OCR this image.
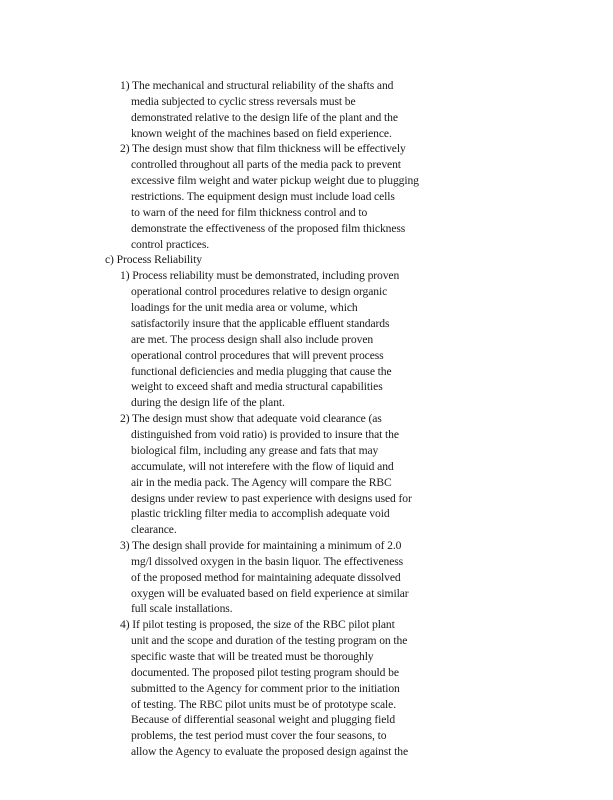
1) The mechanical and structural reliability of the shafts and
media subjected to cyclic stress reversals must be
demonstrated relative to the design life of the plant and the
known weight of the machines based on field experience.
2) The design must show that film thickness will be effectively
controlled throughout all parts of the media pack to prevent
excessive film weight and water pickup weight due to plugging
restrictions. The equipment design must include load cells
to warn of the need for film thickness control and to
demonstrate the effectiveness of the proposed film thickness
control practices.
c) Process Reliability
1) Process reliability must be demonstrated, including proven
operational control procedures relative to design organic
loadings for the unit media area or volume, which
satisfactorily insure that the applicable effluent standards
are met. The process design shall also include proven
operational control procedures that will prevent process
functional deficiencies and media plugging that cause the
weight to exceed shaft and media structural capabilities
during the design life of the plant.
2) The design must show that adequate void clearance (as
distinguished from void ratio) is provided to insure that the
biological film, including any grease and fats that may
accumulate, will not interefere with the flow of liquid and
air in the media pack. The Agency will compare the RBC
designs under review to past experience with designs used for
plastic trickling filter media to accomplish adequate void
clearance.
3) The design shall provide for maintaining a minimum of 2.0
mg/l dissolved oxygen in the basin liquor. The effectiveness
of the proposed method for maintaining adequate dissolved
oxygen will be evaluated based on field experience at similar
full scale installations.
4) If pilot testing is proposed, the size of the RBC pilot plant
unit and the scope and duration of the testing program on the
specific waste that will be treated must be thoroughly
documented. The proposed pilot testing program should be
submitted to the Agency for comment prior to the initiation
of testing. The RBC pilot units must be of prototype scale.
Because of differential seasonal weight and plugging field
problems, the test period must cover the four seasons, to
allow the Agency to evaluate the proposed design against the
